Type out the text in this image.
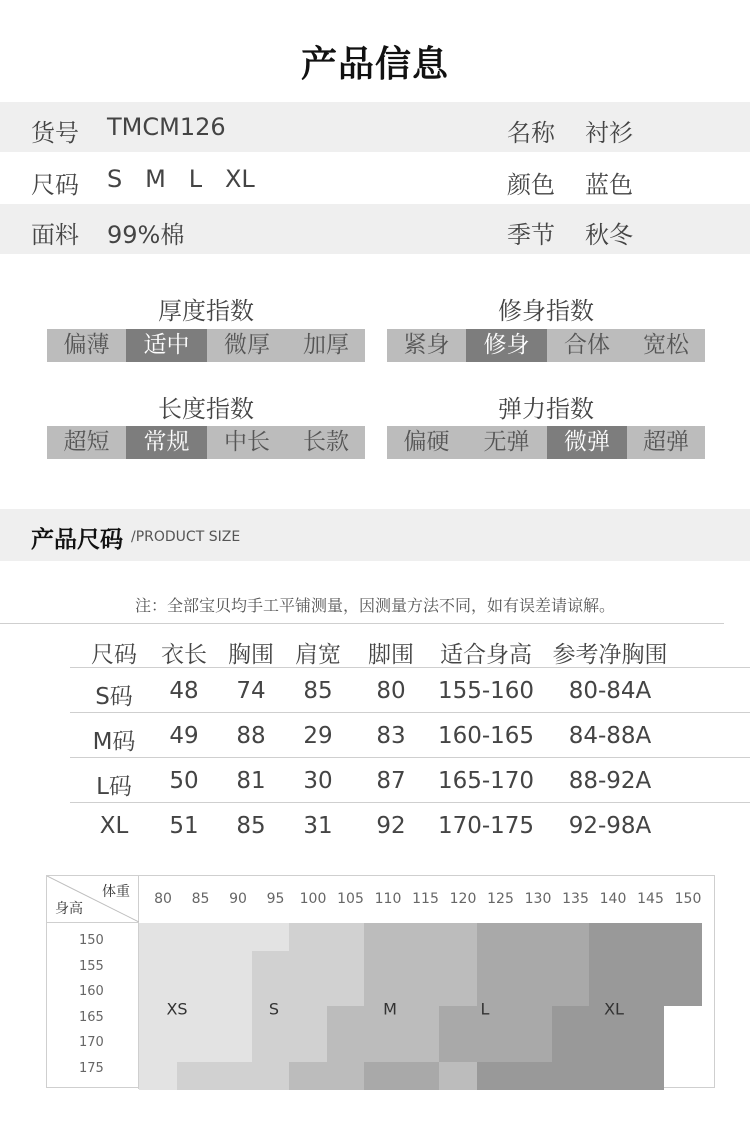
产品信息
货号 TMCM126	名称 衬衫
尺码 S   M   L   XL	颜色 蓝色
面料 99%棉	季节 秋冬
厚度指数
偏薄	适中	微厚	加厚
修身指数
紧身	修身	合体	宽松
长度指数
超短	常规	中长	长款
弹力指数
偏硬	无弹	微弹	超弹
产品尺码 /PRODUCT SIZE
注：全部宝贝均手工平铺测量，因测量方法不同，如有误差请谅解。
尺码 衣长 胸围 肩宽 脚围 适合身高 参考净胸围
S码 48 74 85 80 155-160 80-84A
M码 49 88 29 83 160-165 84-88A
L码 50 81 30 87 165-170 88-92A
XL 51 85 31 92 170-175 92-98A
体重
身高
80 85 90 95 100 105 110 115 120 125 130 135 140 145 150
150
155
160
165
170
175
XS	S	M	L	XL
